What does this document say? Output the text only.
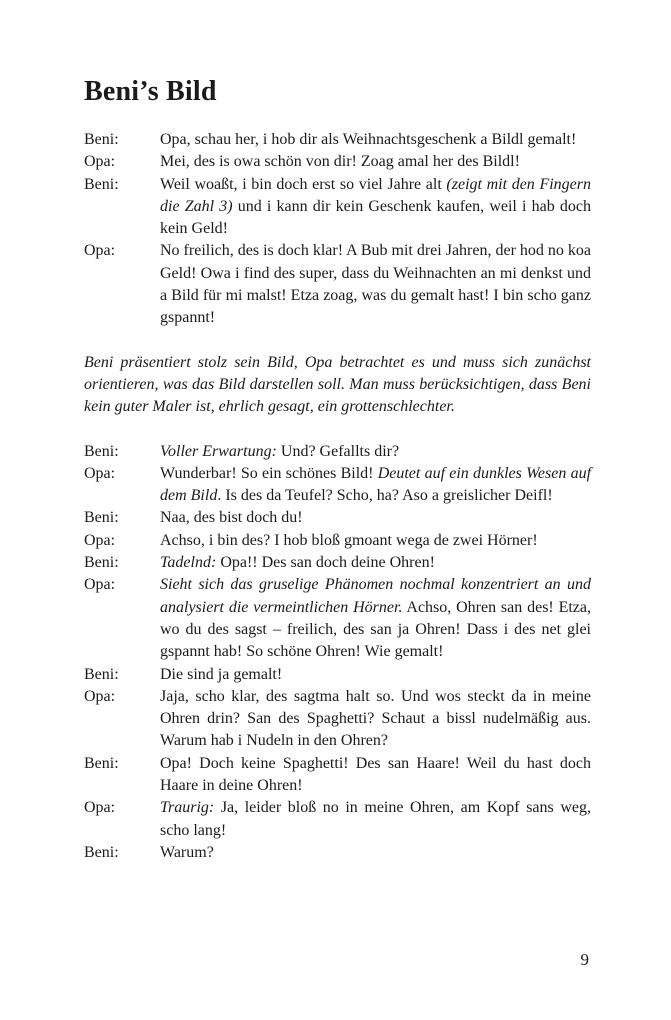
Beni’s Bild
Beni:	Opa, schau her, i hob dir als Weihnachtsgeschenk a Bildl gemalt!
Opa:	Mei, des is owa schön von dir! Zoag amal her des Bildl!
Beni:	Weil woaßt, i bin doch erst so viel Jahre alt (zeigt mit den Fingern die Zahl 3) und i kann dir kein Geschenk kaufen, weil i hab doch kein Geld!
Opa:	No freilich, des is doch klar! A Bub mit drei Jahren, der hod no koa Geld! Owa i find des super, dass du Weihnachten an mi denkst und a Bild für mi malst! Etza zoag, was du gemalt hast! I bin scho ganz gspannt!
Beni präsentiert stolz sein Bild, Opa betrachtet es und muss sich zunächst orientieren, was das Bild darstellen soll. Man muss berücksichtigen, dass Beni kein guter Maler ist, ehrlich gesagt, ein grottenschlechter.
Beni:	Voller Erwartung: Und? Gefallts dir?
Opa:	Wunderbar! So ein schönes Bild! Deutet auf ein dunkles Wesen auf dem Bild. Is des da Teufel? Scho, ha? Aso a greislicher Deifl!
Beni:	Naa, des bist doch du!
Opa:	Achso, i bin des? I hob bloß gmoant wega de zwei Hörner!
Beni:	Tadelnd: Opa!! Des san doch deine Ohren!
Opa:	Sieht sich das gruselige Phänomen nochmal konzentriert an und analysiert die vermeintlichen Hörner. Achso, Ohren san des! Etza, wo du des sagst – freilich, des san ja Ohren! Dass i des net glei gspannt hab! So schöne Ohren! Wie gemalt!
Beni:	Die sind ja gemalt!
Opa:	Jaja, scho klar, des sagtma halt so. Und wos steckt da in meine Ohren drin? San des Spaghetti? Schaut a bissl nudelmäßig aus. Warum hab i Nudeln in den Ohren?
Beni:	Opa! Doch keine Spaghetti! Des san Haare! Weil du hast doch Haare in deine Ohren!
Opa:	Traurig: Ja, leider bloß no in meine Ohren, am Kopf sans weg, scho lang!
Beni:	Warum?
9
